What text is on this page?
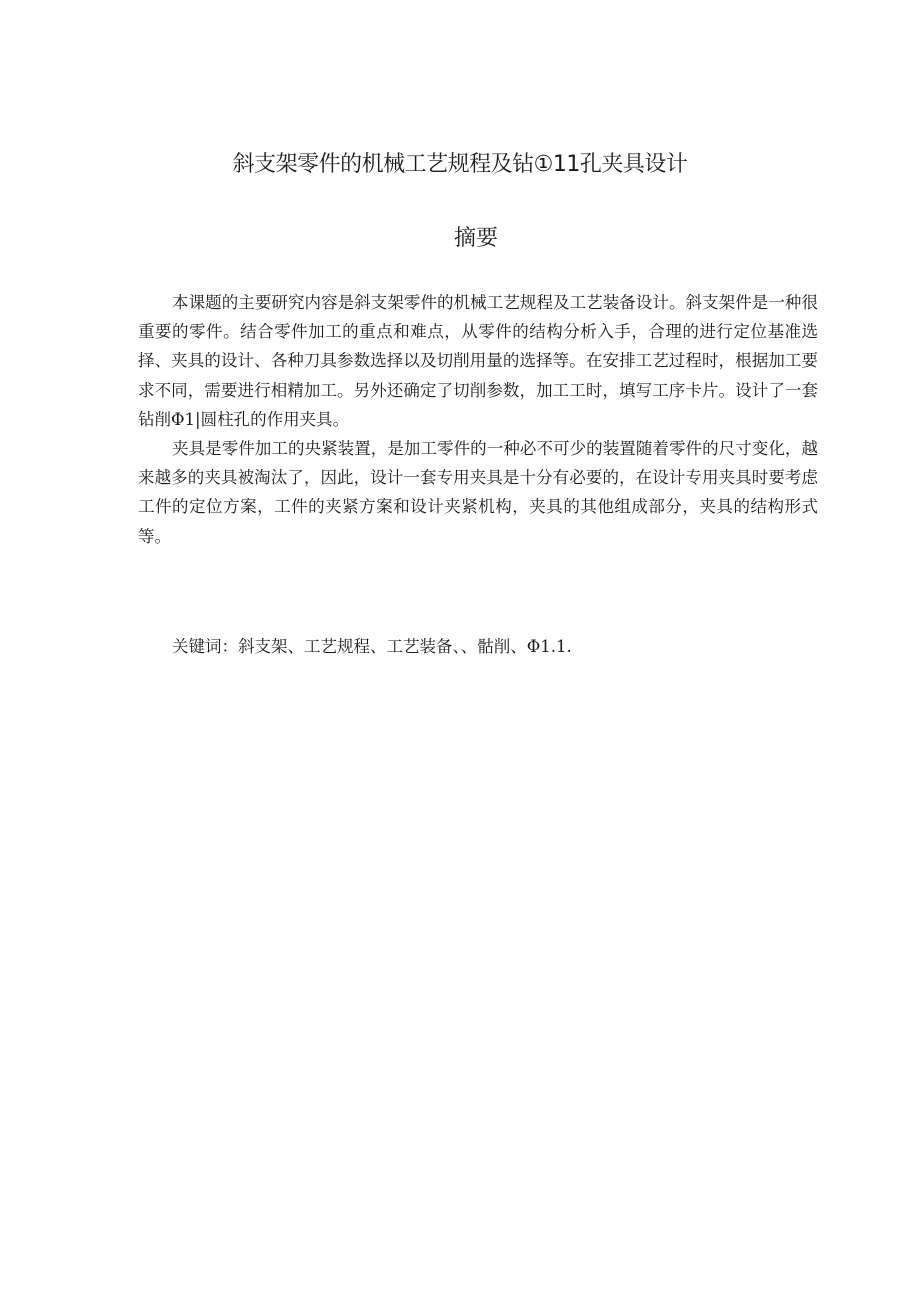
斜支架零件的机械工艺规程及钻①11孔夹具设计
摘要

本课题的主要研究内容是斜支架零件的机械工艺规程及工艺装备设计。斜支架件是一种很重要的零件。结合零件加工的重点和难点，从零件的结构分析入手，合理的进行定位基准选择、夹具的设计、各种刀具参数选择以及切削用量的选择等。在安排工艺过程时，根据加工要求不同，需要进行相精加工。另外还确定了切削参数，加工工时，填写工序卡片。设计了一套钻削Φ1|圆柱孔的作用夹具。

夹具是零件加工的央紧装置，是加工零件的一种必不可少的装置随着零件的尺寸变化，越来越多的夹具被淘汰了，因此，设计一套专用夹具是十分有必要的，在设计专用夹具时要考虑工件的定位方案，工件的夹紧方案和设计夹紧机构，夹具的其他组成部分，夹具的结构形式等。

关键词：斜支架、工艺规程、工艺装备、、骷削、Φ1.1.
